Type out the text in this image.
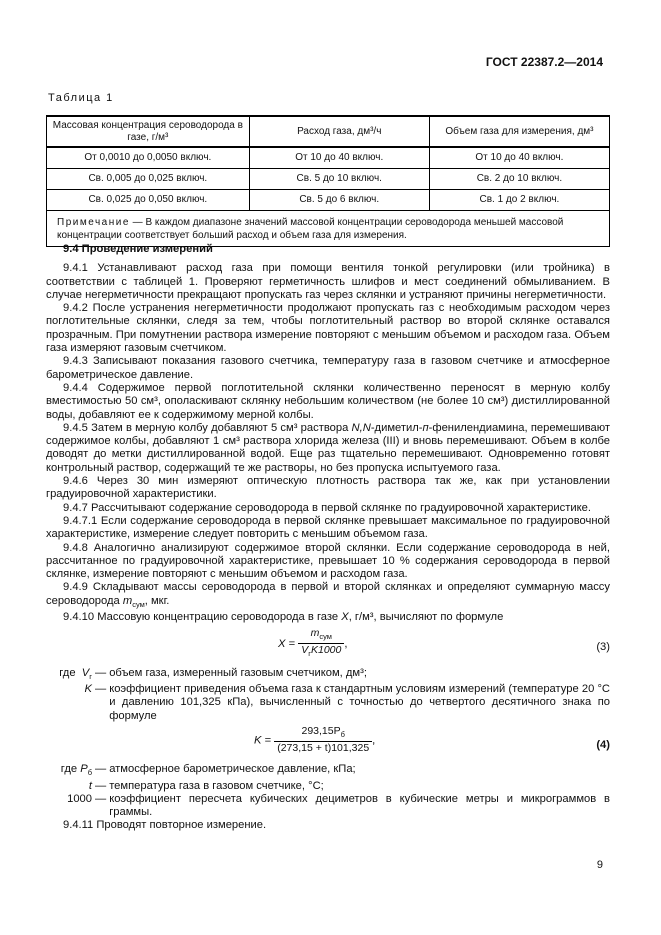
ГОСТ 22387.2—2014
Таблица 1
Массовая концентрация сероводорода в газе, г/м³	Расход газа, дм³/ч	Объем газа для измерения, дм³
От 0,0010 до 0,0050 включ.	От 10 до 40 включ.	От 10 до 40 включ.
Св. 0,005 до 0,025 включ.	Св. 5 до 10 включ.	Св. 2 до 10 включ.
Св. 0,025 до 0,050 включ.	Св. 5 до 6 включ.	Св. 1 до 2 включ.
Примечание — В каждом диапазоне значений массовой концентрации сероводорода меньшей массовой концентрации соответствует больший расход и объем газа для измерения.		

9.4 Проведение измерений

9.4.1 Устанавливают расход газа при помощи вентиля тонкой регулировки (или тройника) в соответствии с таблицей 1. Проверяют герметичность шлифов и мест соединений обмыливанием. В случае негерметичности прекращают пропускать газ через склянки и устраняют причины негерметичности.

9.4.2 После устранения негерметичности продолжают пропускать газ с необходимым расходом через поглотительные склянки, следя за тем, чтобы поглотительный раствор во второй склянке оставался прозрачным. При помутнении раствора измерение повторяют с меньшим объемом и расходом газа. Объем газа измеряют газовым счетчиком.

9.4.3 Записывают показания газового счетчика, температуру газа в газовом счетчике и атмосферное барометрическое давление.

9.4.4 Содержимое первой поглотительной склянки количественно переносят в мерную колбу вместимостью 50 см³, ополаскивают склянку небольшим количеством (не более 10 см³) дистиллированной воды, добавляют ее к содержимому мерной колбы.

9.4.5 Затем в мерную колбу добавляют 5 см³ раствора N,N-диметил-п-фенилендиамина, перемешивают содержимое колбы, добавляют 1 см³ раствора хлорида железа (III) и вновь перемешивают. Объем в колбе доводят до метки дистиллированной водой. Еще раз тщательно перемешивают. Одновременно готовят контрольный раствор, содержащий те же растворы, но без пропуска испытуемого газа.

9.4.6 Через 30 мин измеряют оптическую плотность раствора так же, как при установлении градуировочной характеристики.

9.4.7 Рассчитывают содержание сероводорода в первой склянке по градуировочной характеристике.

9.4.7.1 Если содержание сероводорода в первой склянке превышает максимальное по градуировочной характеристике, измерение следует повторить с меньшим объемом газа.

9.4.8 Аналогично анализируют содержимое второй склянки. Если содержание сероводорода в ней, рассчитанное по градуировочной характеристике, превышает 10 % содержания сероводорода в первой склянке, измерение повторяют с меньшим объемом и расходом газа.

9.4.9 Складывают массы сероводорода в первой и второй склянках и определяют суммарную массу сероводорода $m_{сум}$, мкг.

9.4.10 Массовую концентрацию сероводорода в газе X, г/м³, вычисляют по формуле

$X = \frac{m_{сум}}{V_гK1000}$ ,	(3)
где $V_г$ — объем газа, измеренный газовым счетчиком, дм³;
K — коэффициент приведения объема газа к стандартным условиям измерений (температуре 20 °C и давлению 101,325 кПа), вычисленный с точностью до четвертого десятичного знака по формуле
$K = \frac{293,15P_б}{(273,15 + t)101,325}$ ,	(4)
где $P_б$ — атмосферное барометрическое давление, кПа;
t — температура газа в газовом счетчике, °C;
1000 — коэффициент пересчета кубических дециметров в кубические метры и микрограммов в граммы.

9.4.11 Проводят повторное измерение.

9
